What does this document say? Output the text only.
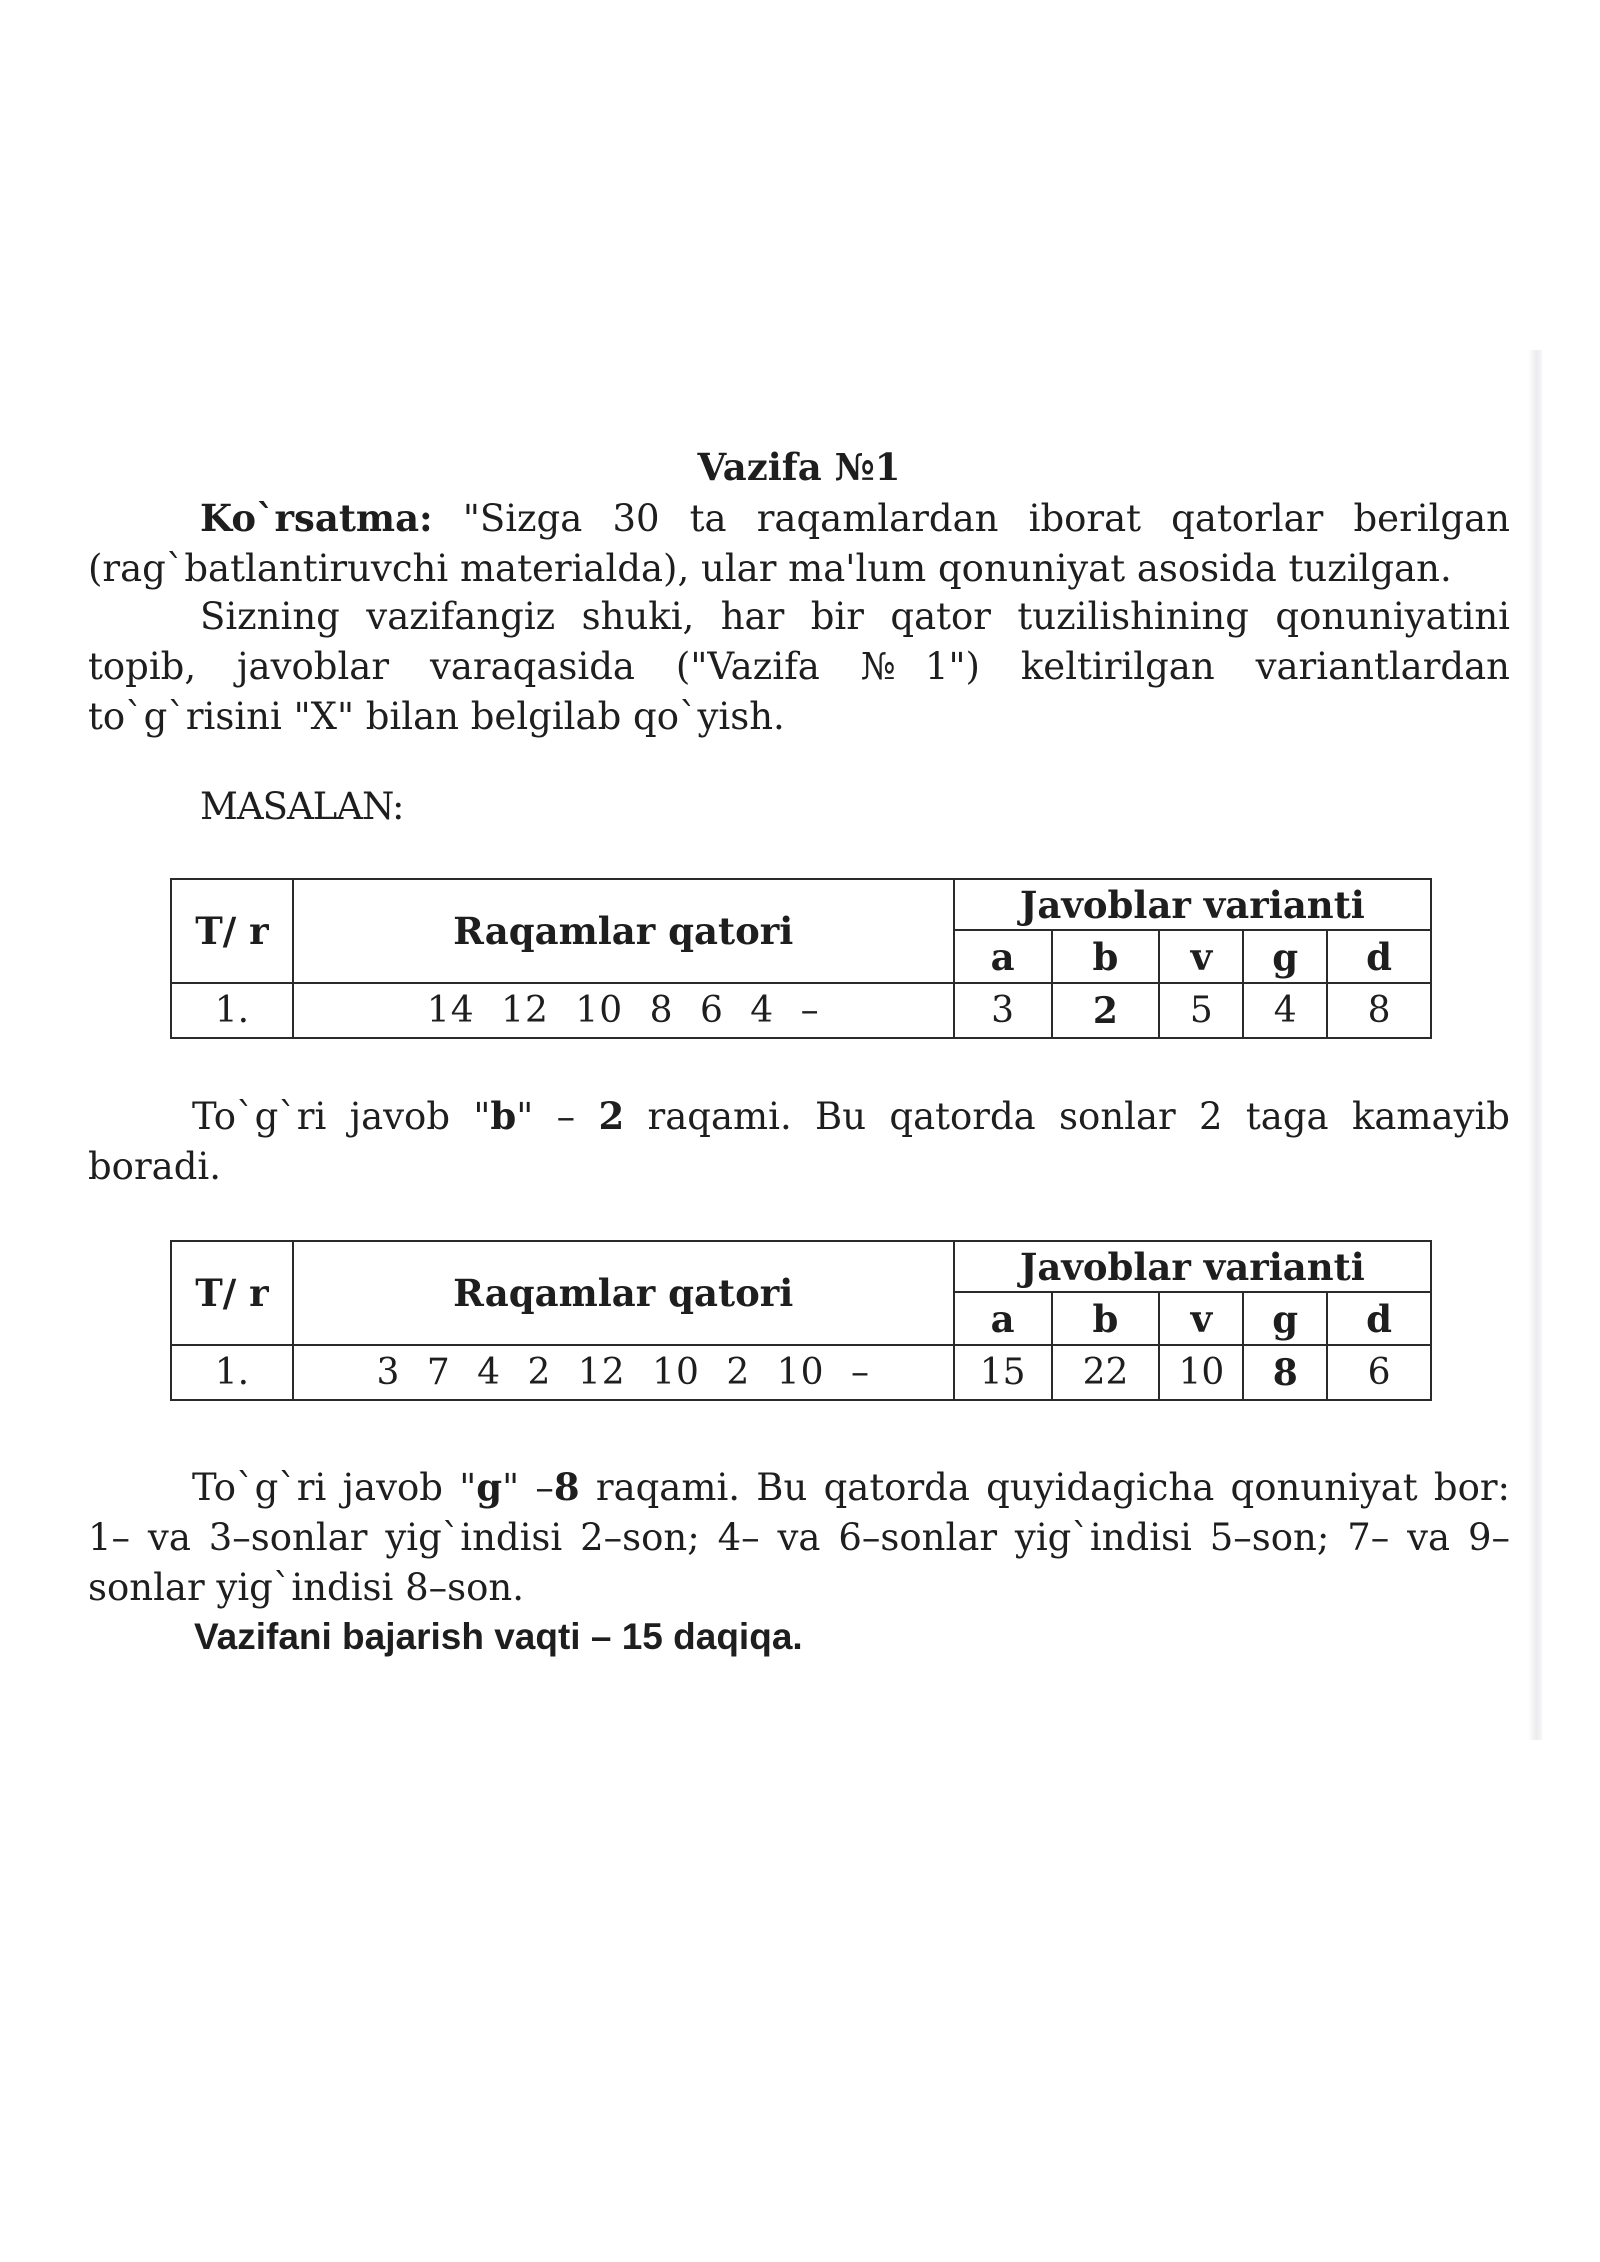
Vazifa №1
Ko`rsatma: "Sizga 30 ta raqamlardan iborat qatorlar berilgan (rag`batlantiruvchi materialda), ular ma'lum qonuniyat asosida tuzilgan.
Sizning vazifangiz shuki, har bir qator tuzilishining qonuniyatini topib, javoblar varaqasida ("Vazifa №1") keltirilgan variantlardan to`g`risini "X" bilan belgilab qo`yish.
MASALAN:
To`g`ri javob "b" – 2 raqami. Bu qatorda sonlar 2 taga kamayib boradi.
To`g`ri javob "g" –8 raqami. Bu qatorda quyidagicha qonuniyat bor: 1– va 3–sonlar yig`indisi 2–son; 4– va 6–sonlar yig`indisi 5–son; 7– va 9–sonlar yig`indisi 8–son.
Vazifani bajarish vaqti – 15 daqiqa.
T/ r	Raqamlar qatori	Javoblar varianti				
		a	b	v	g	d
1.	14 12 10 8 6 4 –	3	2	5	4	8
T/ r	Raqamlar qatori	Javoblar varianti				
		a	b	v	g	d
1.	3 7 4 2 12 10 2 10 –	15	22	10	8	6
